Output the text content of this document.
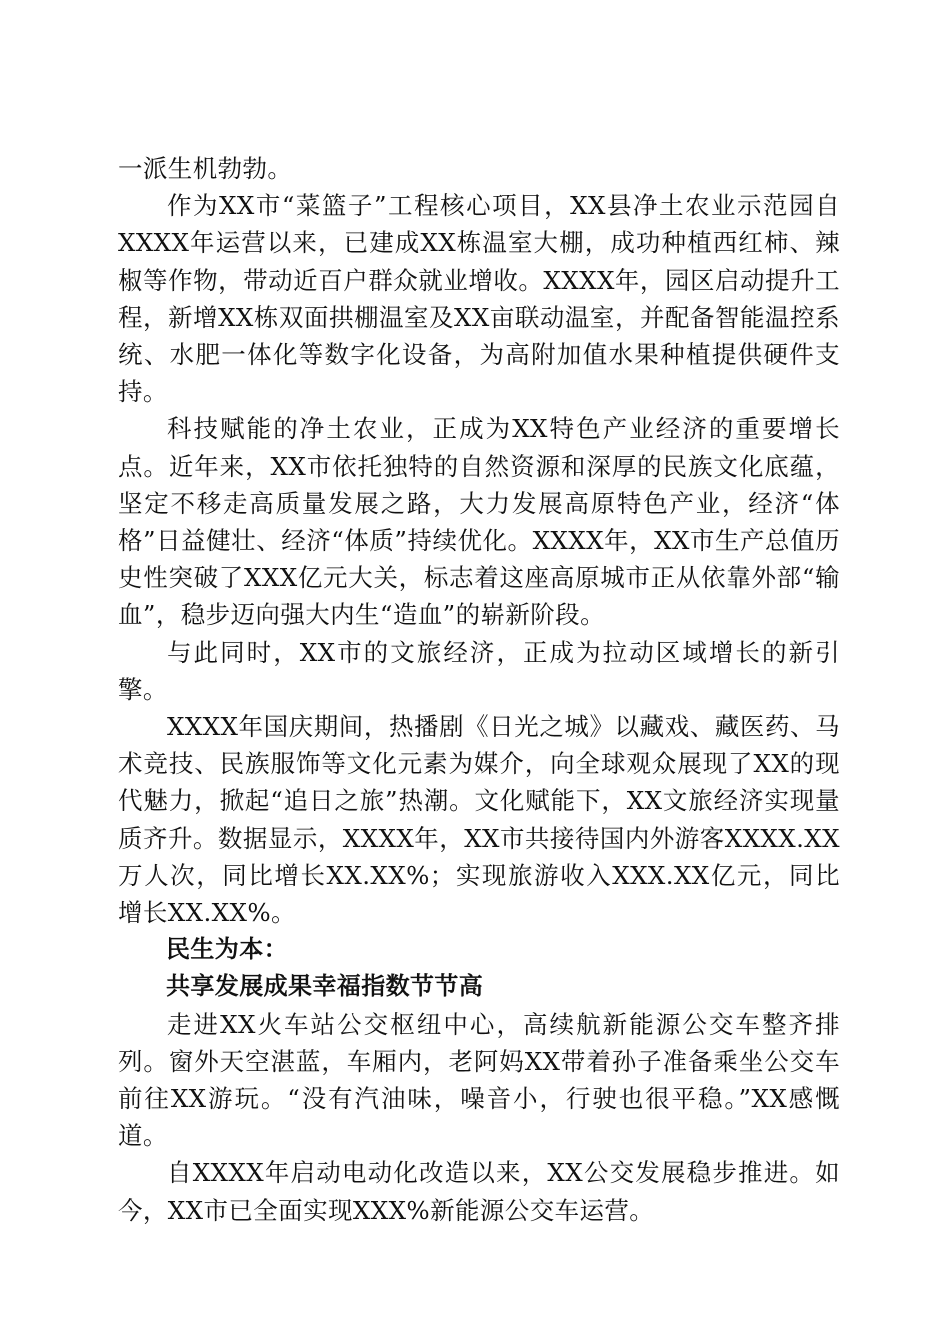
一派生机勃勃。

作为XX市“菜篮子”工程核心项目，XX县净土农业示范园自XXXX年运营以来，已建成XX栋温室大棚，成功种植西红柿、辣椒等作物，带动近百户群众就业增收。XXXX年，园区启动提升工程，新增XX栋双面拱棚温室及XX亩联动温室，并配备智能温控系统、水肥一体化等数字化设备，为高附加值水果种植提供硬件支持。

科技赋能的净土农业，正成为XX特色产业经济的重要增长点。近年来，XX市依托独特的自然资源和深厚的民族文化底蕴，坚定不移走高质量发展之路，大力发展高原特色产业，经济“体格”日益健壮、经济“体质”持续优化。XXXX年，XX市生产总值历史性突破了XXX亿元大关，标志着这座高原城市正从依靠外部“输血”，稳步迈向强大内生“造血”的崭新阶段。

与此同时，XX市的文旅经济，正成为拉动区域增长的新引擎。

XXXX年国庆期间，热播剧《日光之城》以藏戏、藏医药、马术竞技、民族服饰等文化元素为媒介，向全球观众展现了XX的现代魅力，掀起“追日之旅”热潮。文化赋能下，XX文旅经济实现量质齐升。数据显示，XXXX年，XX市共接待国内外游客XXXX.XX万人次，同比增长XX.XX%；实现旅游收入XXX.XX亿元，同比增长XX.XX%。

民生为本：

共享发展成果幸福指数节节高

走进XX火车站公交枢纽中心，高续航新能源公交车整齐排列。窗外天空湛蓝，车厢内，老阿妈XX带着孙子准备乘坐公交车前往XX游玩。“没有汽油味，噪音小，行驶也很平稳。”XX感慨道。

自XXXX年启动电动化改造以来，XX公交发展稳步推进。如今，XX市已全面实现XXX%新能源公交车运营。
